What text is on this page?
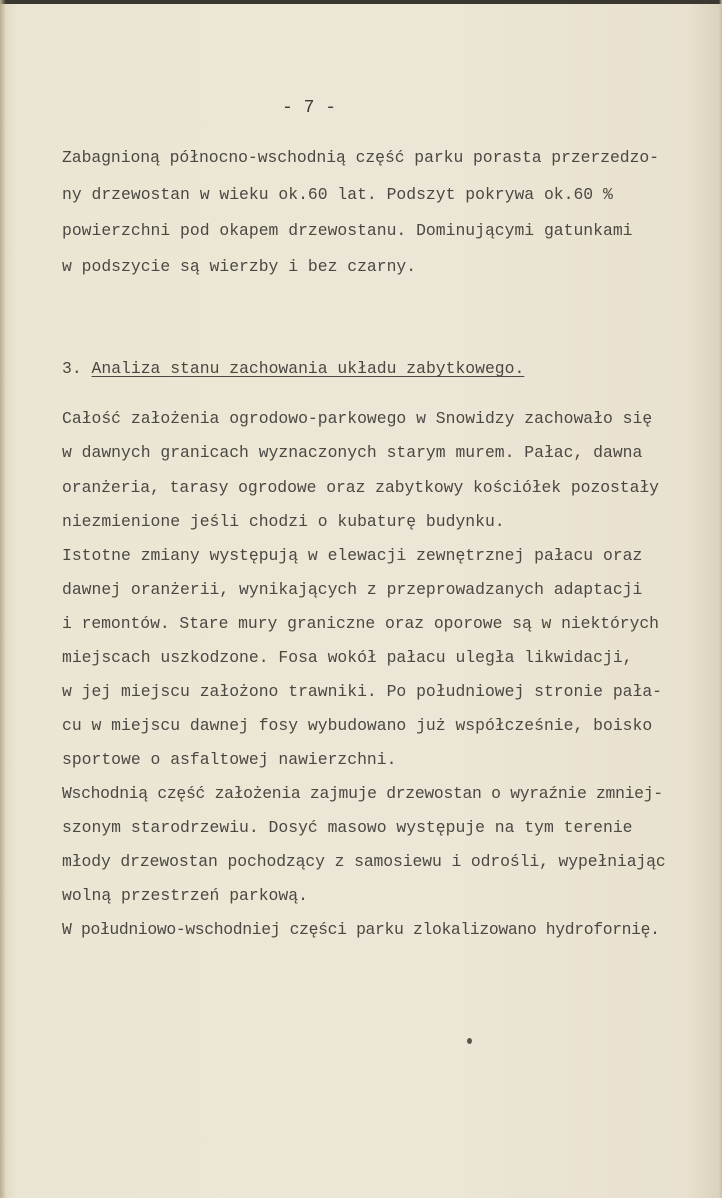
- 7 -
Zabagnioną północno-wschodnią część parku porasta przerzedzo-
ny drzewostan w wieku ok.60 lat. Podszyt pokrywa ok.60 %
powierzchni pod okapem drzewostanu. Dominującymi gatunkami
w podszycie są wierzby i bez czarny.
3. Analiza stanu zachowania układu zabytkowego.
Całość założenia ogrodowo-parkowego w Snowidzy zachowało się
w dawnych granicach wyznaczonych starym murem. Pałac, dawna
oranżeria, tarasy ogrodowe oraz zabytkowy kościółek pozostały
niezmienione jeśli chodzi o kubaturę budynku.
Istotne zmiany występują w elewacji zewnętrznej pałacu oraz
dawnej oranżerii, wynikających z przeprowadzanych adaptacji
i remontów. Stare mury graniczne oraz oporowe są w niektórych
miejscach uszkodzone. Fosa wokół pałacu uległa likwidacji,
w jej miejscu założono trawniki. Po południowej stronie pała-
cu w miejscu dawnej fosy wybudowano już współcześnie, boisko
sportowe o asfaltowej nawierzchni.
Wschodnią część założenia zajmuje drzewostan o wyraźnie zmniej-
szonym starodrzewiu. Dosyć masowo występuje na tym terenie
młody drzewostan pochodzący z samosiewu i odrośli, wypełniając
wolną przestrzeń parkową.
W południowo-wschodniej części parku zlokalizowano hydrofornię.
